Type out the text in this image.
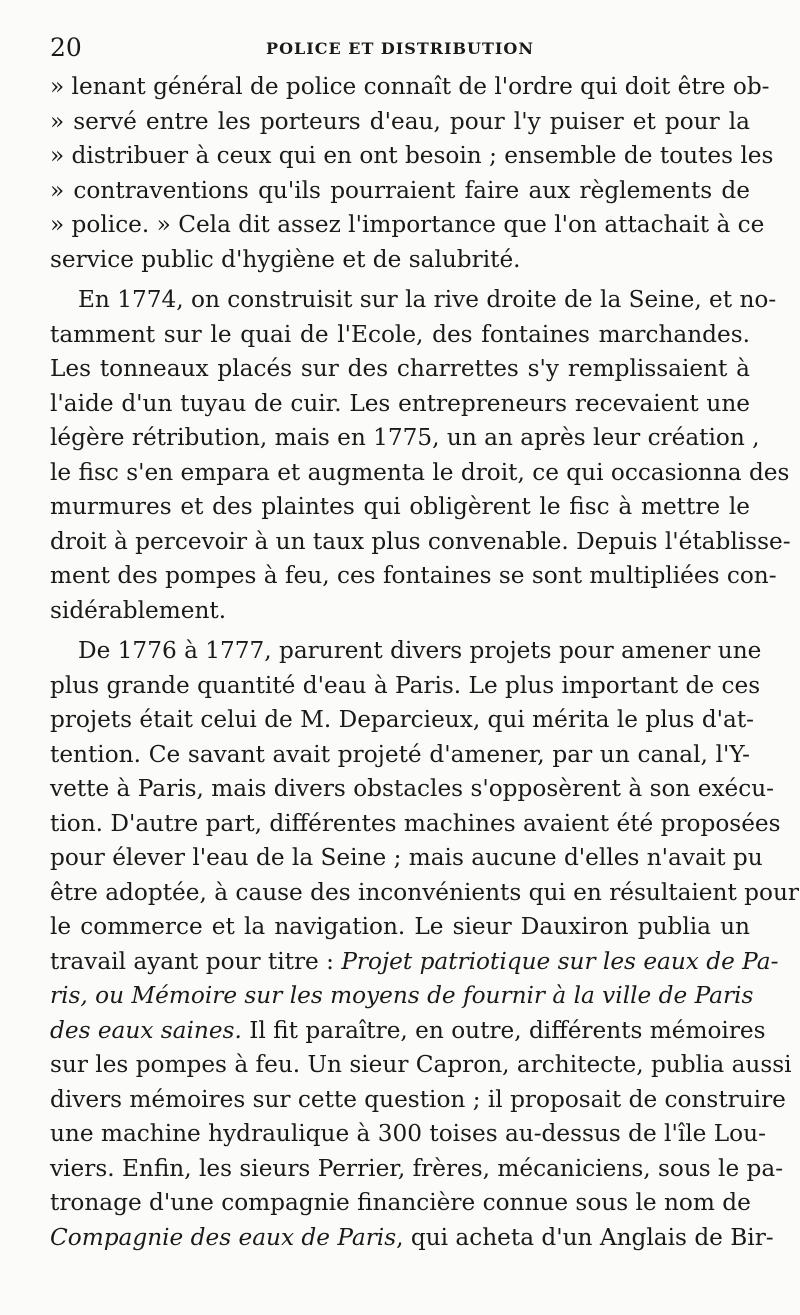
20	POLICE ET DISTRIBUTION
» lenant général de police connaît de l'ordre qui doit être ob-
» servé entre les porteurs d'eau, pour l'y puiser et pour la
» distribuer à ceux qui en ont besoin ; ensemble de toutes les
» contraventions qu'ils pourraient faire aux règlements de
» police. » Cela dit assez l'importance que l'on attachait à ce
service public d'hygiène et de salubrité.
En 1774, on construisit sur la rive droite de la Seine, et no-
tamment sur le quai de l'Ecole, des fontaines marchandes.
Les tonneaux placés sur des charrettes s'y remplissaient à
l'aide d'un tuyau de cuir. Les entrepreneurs recevaient une
légère rétribution, mais en 1775, un an après leur création ,
le fisc s'en empara et augmenta le droit, ce qui occasionna des
murmures et des plaintes qui obligèrent le fisc à mettre le
droit à percevoir à un taux plus convenable. Depuis l'établisse-
ment des pompes à feu, ces fontaines se sont multipliées con-
sidérablement.
De 1776 à 1777, parurent divers projets pour amener une
plus grande quantité d'eau à Paris. Le plus important de ces
projets était celui de M. Deparcieux, qui mérita le plus d'at-
tention. Ce savant avait projeté d'amener, par un canal, l'Y-
vette à Paris, mais divers obstacles s'opposèrent à son exécu-
tion. D'autre part, différentes machines avaient été proposées
pour élever l'eau de la Seine ; mais aucune d'elles n'avait pu
être adoptée, à cause des inconvénients qui en résultaient pour
le commerce et la navigation. Le sieur Dauxiron publia un
travail ayant pour titre : Projet patriotique sur les eaux de Pa-
ris, ou Mémoire sur les moyens de fournir à la ville de Paris
des eaux saines. Il fit paraître, en outre, différents mémoires
sur les pompes à feu. Un sieur Capron, architecte, publia aussi
divers mémoires sur cette question ; il proposait de construire
une machine hydraulique à 300 toises au-dessus de l'île Lou-
viers. Enfin, les sieurs Perrier, frères, mécaniciens, sous le pa-
tronage d'une compagnie financière connue sous le nom de
Compagnie des eaux de Paris, qui acheta d'un Anglais de Bir-
